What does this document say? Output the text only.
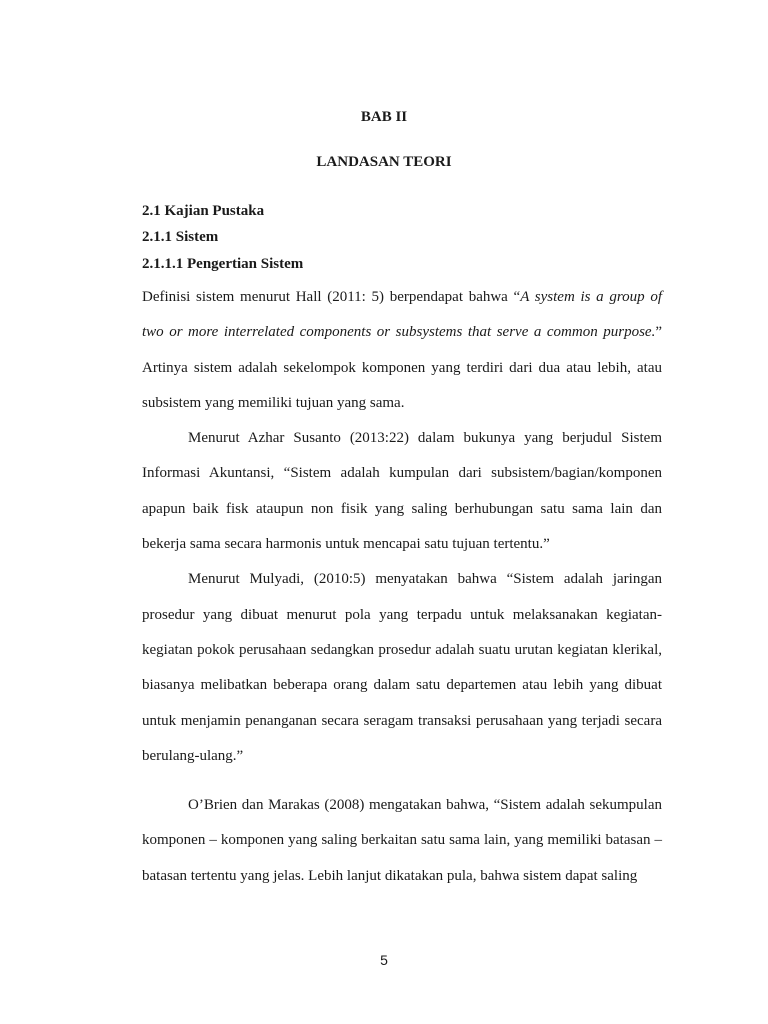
BAB II
LANDASAN TEORI
2.1 Kajian Pustaka
2.1.1 Sistem
2.1.1.1 Pengertian Sistem

Definisi sistem menurut Hall (2011: 5) berpendapat bahwa “A system is a group of two or more interrelated components or subsystems that serve a common purpose.” Artinya sistem adalah sekelompok komponen yang terdiri dari dua atau lebih, atau subsistem yang memiliki tujuan yang sama.

Menurut Azhar Susanto (2013:22) dalam bukunya yang berjudul Sistem Informasi Akuntansi, “Sistem adalah kumpulan dari subsistem/bagian/komponen apapun baik fisk ataupun non fisik yang saling berhubungan satu sama lain dan bekerja sama secara harmonis untuk mencapai satu tujuan tertentu.”

Menurut Mulyadi, (2010:5) menyatakan bahwa “Sistem adalah jaringan prosedur yang dibuat menurut pola yang terpadu untuk melaksanakan kegiatan-kegiatan pokok perusahaan sedangkan prosedur adalah suatu urutan kegiatan klerikal, biasanya melibatkan beberapa orang dalam satu departemen atau lebih yang dibuat untuk menjamin penanganan secara seragam transaksi perusahaan yang terjadi secara berulang-ulang.”

O’Brien dan Marakas (2008) mengatakan bahwa, “Sistem adalah sekumpulan komponen – komponen yang saling berkaitan satu sama lain, yang memiliki batasan – batasan tertentu yang jelas. Lebih lanjut dikatakan pula, bahwa sistem dapat saling

5
